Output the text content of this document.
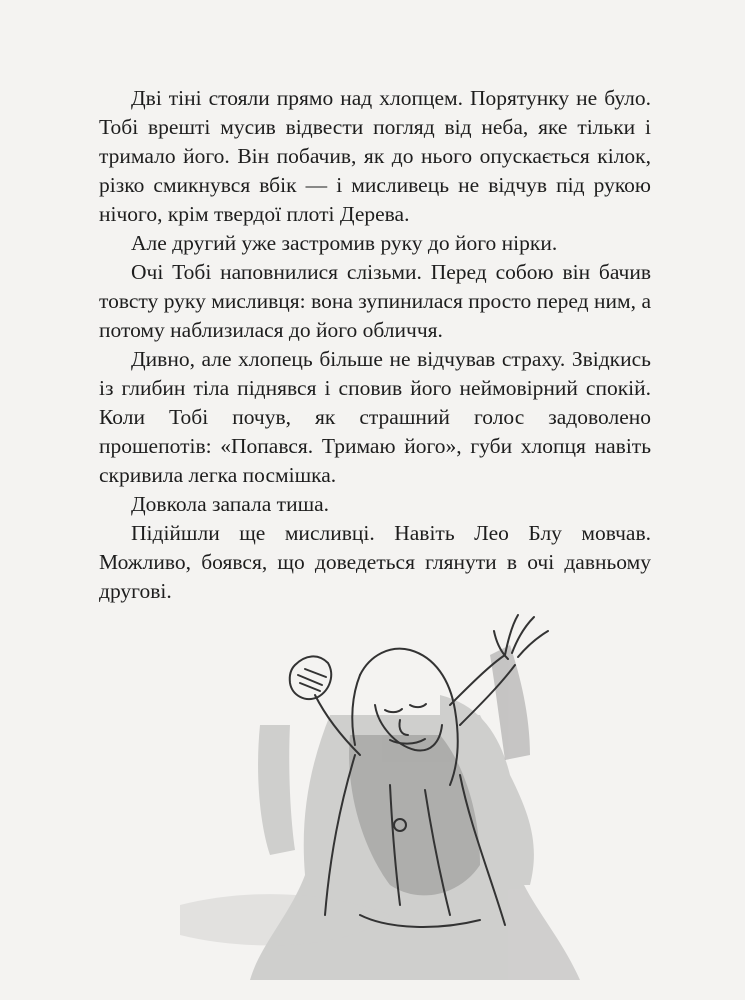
Дві тіні стояли прямо над хлопцем. Порятунку не було. Тобі врешті мусив відвести погляд від неба, яке тільки і тримало його. Він побачив, як до нього опускається кілок, різко смикнувся вбік — і мисливець не відчув під рукою нічого, крім твердої плоті Дерева.

Але другий уже застромив руку до його нірки.

Очі Тобі наповнилися слізьми. Перед собою він бачив товсту руку мисливця: вона зупинилася просто перед ним, а потому наблизилася до його обличчя.

Дивно, але хлопець більше не відчував страху. Звідкись із глибин тіла піднявся і сповив його неймовірний спокій. Коли Тобі почув, як страшний голос задоволено прошепотів: «Попався. Тримаю його», губи хлопця навіть скривила легка посмішка.

Довкола запала тиша.

Підійшли ще мисливці. Навіть Лео Блу мовчав. Можливо, боявся, що доведеться глянути в очі давньому другові.
